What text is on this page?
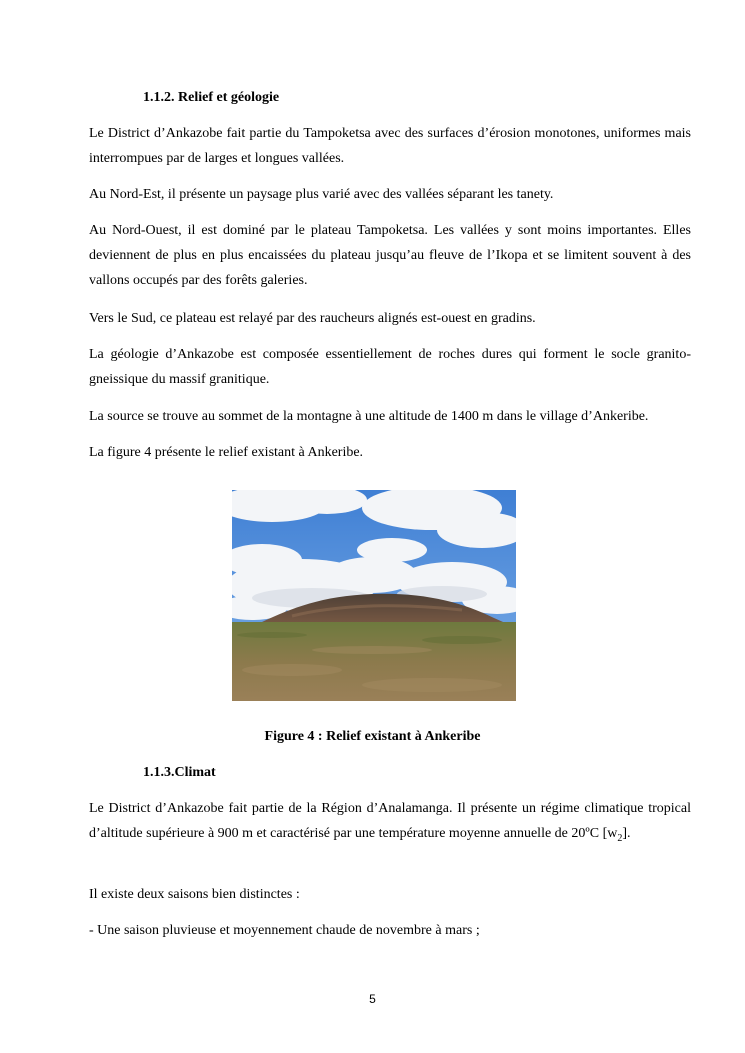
1.1.2. Relief et géologie

Le District d’Ankazobe fait partie du Tampoketsa avec des surfaces d’érosion monotones, uniformes mais interrompues par de larges et longues vallées.

Au Nord-Est, il présente un paysage plus varié avec des vallées séparant les tanety.

Au Nord-Ouest, il est dominé par le plateau Tampoketsa. Les vallées y sont moins importantes. Elles deviennent de plus en plus encaissées du plateau jusqu’au fleuve de l’Ikopa et se limitent souvent à des vallons occupés par des forêts galeries.

Vers le Sud, ce plateau est relayé par des raucheurs alignés est-ouest en gradins.

La géologie d’Ankazobe est composée essentiellement de roches dures qui forment le socle granito-gneissique du massif granitique.

La source se trouve au sommet de la montagne à une altitude de 1400 m dans le village d’Ankeribe.

La figure 4 présente le relief existant à Ankeribe.

Figure 4 : Relief existant à Ankeribe

1.1.3.Climat

Le District d’Ankazobe fait partie de la Région d’Analamanga. Il présente un régime climatique tropical d’altitude supérieure à 900 m et caractérisé par une température moyenne annuelle de 20ºC $[w_2]$.

Il existe deux saisons bien distinctes :

- Une saison pluvieuse et moyennement chaude de novembre à mars ;

5
